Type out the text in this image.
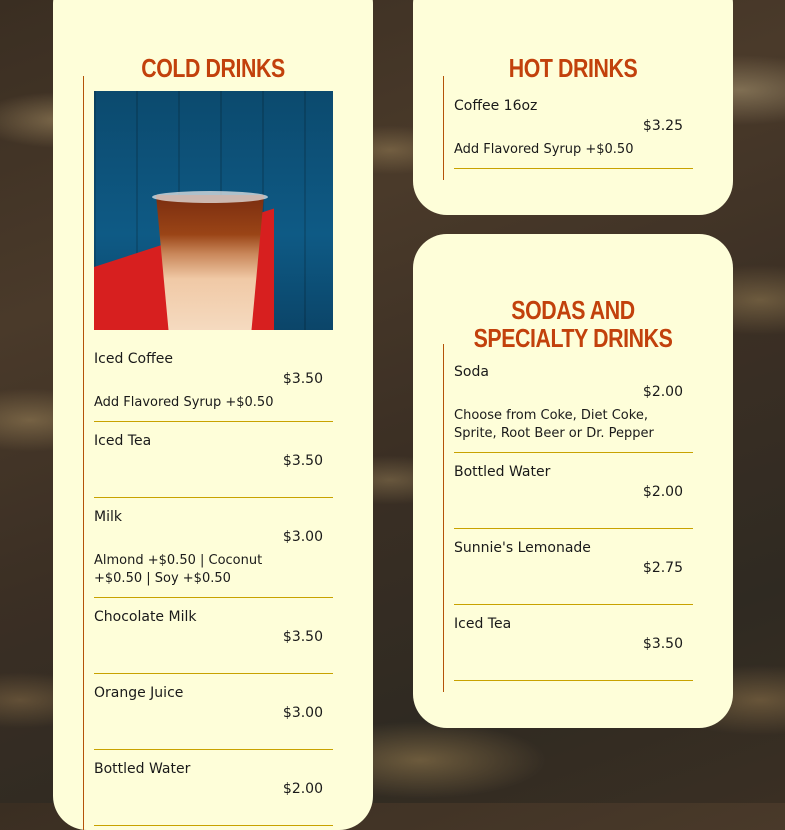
COLD DRINKS
Iced Coffee
$3.50
Add Flavored Syrup +$0.50
Iced Tea
$3.50
Milk
$3.00
Almond +$0.50 | Coconut +$0.50 | Soy +$0.50
Chocolate Milk
$3.50
Orange Juice
$3.00
Bottled Water
$2.00
HOT DRINKS
Coffee 16oz
$3.25
Add Flavored Syrup +$0.50
SODAS AND SPECIALTY DRINKS
Soda
$2.00
Choose from Coke, Diet Coke, Sprite, Root Beer or Dr. Pepper
Bottled Water
$2.00
Sunnie's Lemonade
$2.75
Iced Tea
$3.50
